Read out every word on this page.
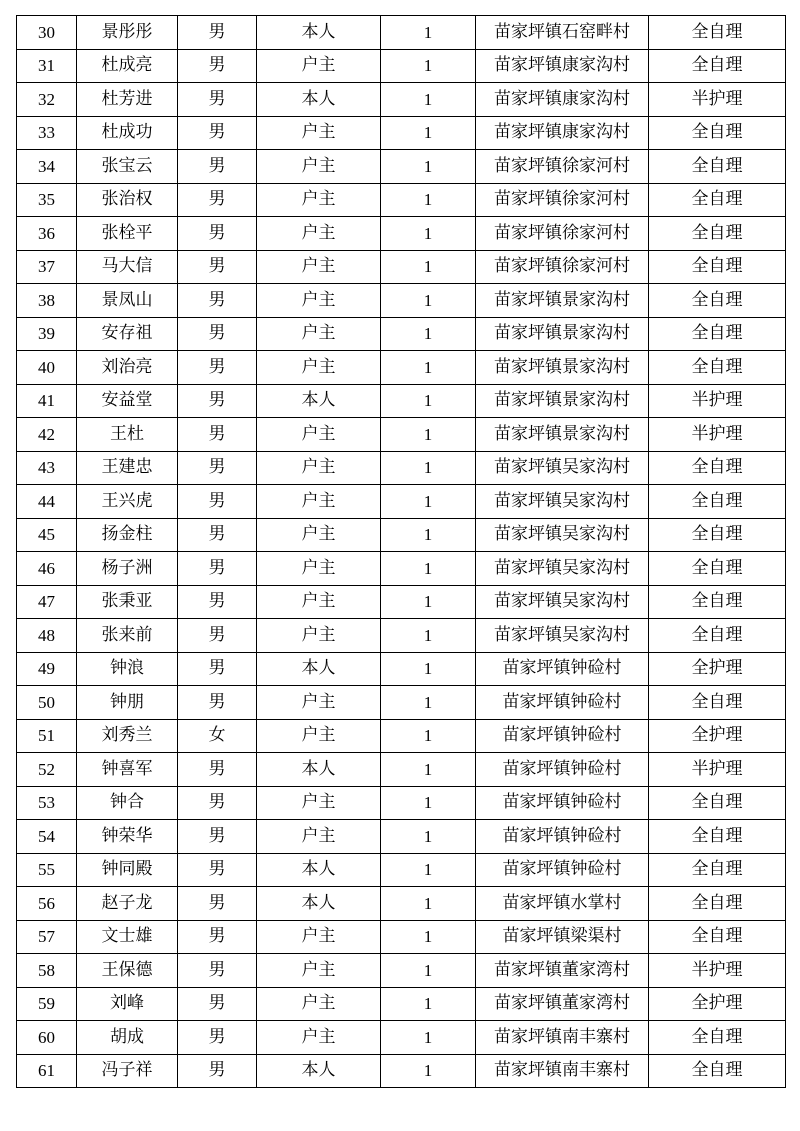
30	景彤彤	男	本人	1	苗家坪镇石窑畔村	全自理
31	杜成亮	男	户主	1	苗家坪镇康家沟村	全自理
32	杜芳进	男	本人	1	苗家坪镇康家沟村	半护理
33	杜成功	男	户主	1	苗家坪镇康家沟村	全自理
34	张宝云	男	户主	1	苗家坪镇徐家河村	全自理
35	张治权	男	户主	1	苗家坪镇徐家河村	全自理
36	张栓平	男	户主	1	苗家坪镇徐家河村	全自理
37	马大信	男	户主	1	苗家坪镇徐家河村	全自理
38	景凤山	男	户主	1	苗家坪镇景家沟村	全自理
39	安存祖	男	户主	1	苗家坪镇景家沟村	全自理
40	刘治亮	男	户主	1	苗家坪镇景家沟村	全自理
41	安益堂	男	本人	1	苗家坪镇景家沟村	半护理
42	王杜	男	户主	1	苗家坪镇景家沟村	半护理
43	王建忠	男	户主	1	苗家坪镇吴家沟村	全自理
44	王兴虎	男	户主	1	苗家坪镇吴家沟村	全自理
45	扬金柱	男	户主	1	苗家坪镇吴家沟村	全自理
46	杨子洲	男	户主	1	苗家坪镇吴家沟村	全自理
47	张秉亚	男	户主	1	苗家坪镇吴家沟村	全自理
48	张来前	男	户主	1	苗家坪镇吴家沟村	全自理
49	钟浪	男	本人	1	苗家坪镇钟硷村	全护理
50	钟朋	男	户主	1	苗家坪镇钟硷村	全自理
51	刘秀兰	女	户主	1	苗家坪镇钟硷村	全护理
52	钟喜军	男	本人	1	苗家坪镇钟硷村	半护理
53	钟合	男	户主	1	苗家坪镇钟硷村	全自理
54	钟荣华	男	户主	1	苗家坪镇钟硷村	全自理
55	钟同殿	男	本人	1	苗家坪镇钟硷村	全自理
56	赵子龙	男	本人	1	苗家坪镇水掌村	全自理
57	文士雄	男	户主	1	苗家坪镇梁渠村	全自理
58	王保德	男	户主	1	苗家坪镇董家湾村	半护理
59	刘峰	男	户主	1	苗家坪镇董家湾村	全护理
60	胡成	男	户主	1	苗家坪镇南丰寨村	全自理
61	冯子祥	男	本人	1	苗家坪镇南丰寨村	全自理
